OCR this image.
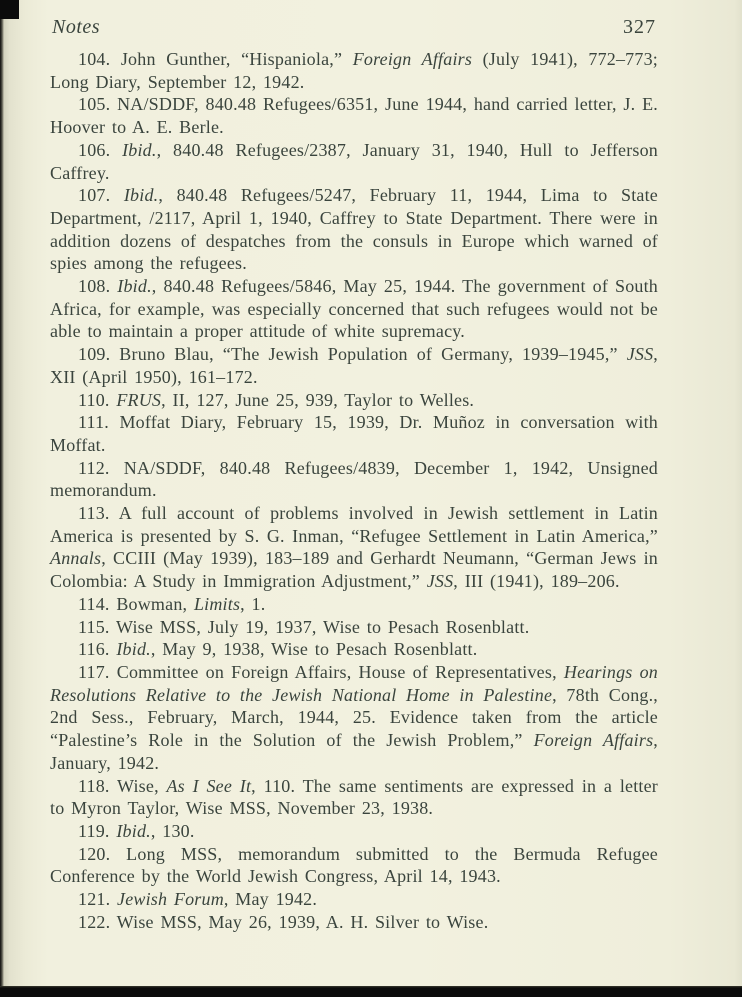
Notes	327

104. John Gunther, “Hispaniola,” Foreign Affairs (July 1941), 772–773; Long Diary, September 12, 1942.

105. NA/SDDF, 840.48 Refugees/6351, June 1944, hand carried letter, J. E. Hoover to A. E. Berle.

106. Ibid., 840.48 Refugees/2387, January 31, 1940, Hull to Jefferson Caffrey.

107. Ibid., 840.48 Refugees/5247, February 11, 1944, Lima to State Department, /2117, April 1, 1940, Caffrey to State Department. There were in addition dozens of despatches from the consuls in Europe which warned of spies among the refugees.

108. Ibid., 840.48 Refugees/5846, May 25, 1944. The government of South Africa, for example, was especially concerned that such refugees would not be able to maintain a proper attitude of white supremacy.

109. Bruno Blau, “The Jewish Population of Germany, 1939–1945,” JSS, XII (April 1950), 161–172.

110. FRUS, II, 127, June 25, 939, Taylor to Welles.

111. Moffat Diary, February 15, 1939, Dr. Muñoz in conversation with Moffat.

112. NA/SDDF, 840.48 Refugees/4839, December 1, 1942, Unsigned memorandum.

113. A full account of problems involved in Jewish settlement in Latin America is presented by S. G. Inman, “Refugee Settlement in Latin America,” Annals, CCIII (May 1939), 183–189 and Gerhardt Neumann, “German Jews in Colombia: A Study in Immigration Adjustment,” JSS, III (1941), 189–206.

114. Bowman, Limits, 1.

115. Wise MSS, July 19, 1937, Wise to Pesach Rosenblatt.

116. Ibid., May 9, 1938, Wise to Pesach Rosenblatt.

117. Committee on Foreign Affairs, House of Representatives, Hearings on Resolutions Relative to the Jewish National Home in Palestine, 78th Cong., 2nd Sess., February, March, 1944, 25. Evidence taken from the article “Palestine’s Role in the Solution of the Jewish Problem,” Foreign Affairs, January, 1942.

118. Wise, As I See It, 110. The same sentiments are expressed in a letter to Myron Taylor, Wise MSS, November 23, 1938.

119. Ibid., 130.

120. Long MSS, memorandum submitted to the Bermuda Refugee Conference by the World Jewish Congress, April 14, 1943.

121. Jewish Forum, May 1942.

122. Wise MSS, May 26, 1939, A. H. Silver to Wise.
